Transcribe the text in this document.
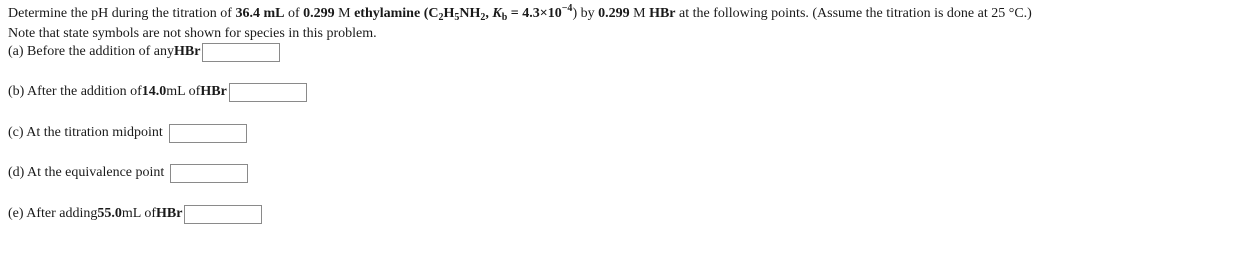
Determine the pH during the titration of 36.4 mL of 0.299 M ethylamine ($C_2H_5NH_2$, $K_b = 4.3\times 10^{-4}$) by 0.299 M HBr at the following points. (Assume the titration is done at 25 °C.)
Note that state symbols are not shown for species in this problem.
(a) Before the addition of any HBr
(b) After the addition of 14.0 mL of HBr
(c) At the titration midpoint
(d) At the equivalence point
(e) After adding 55.0 mL of HBr
